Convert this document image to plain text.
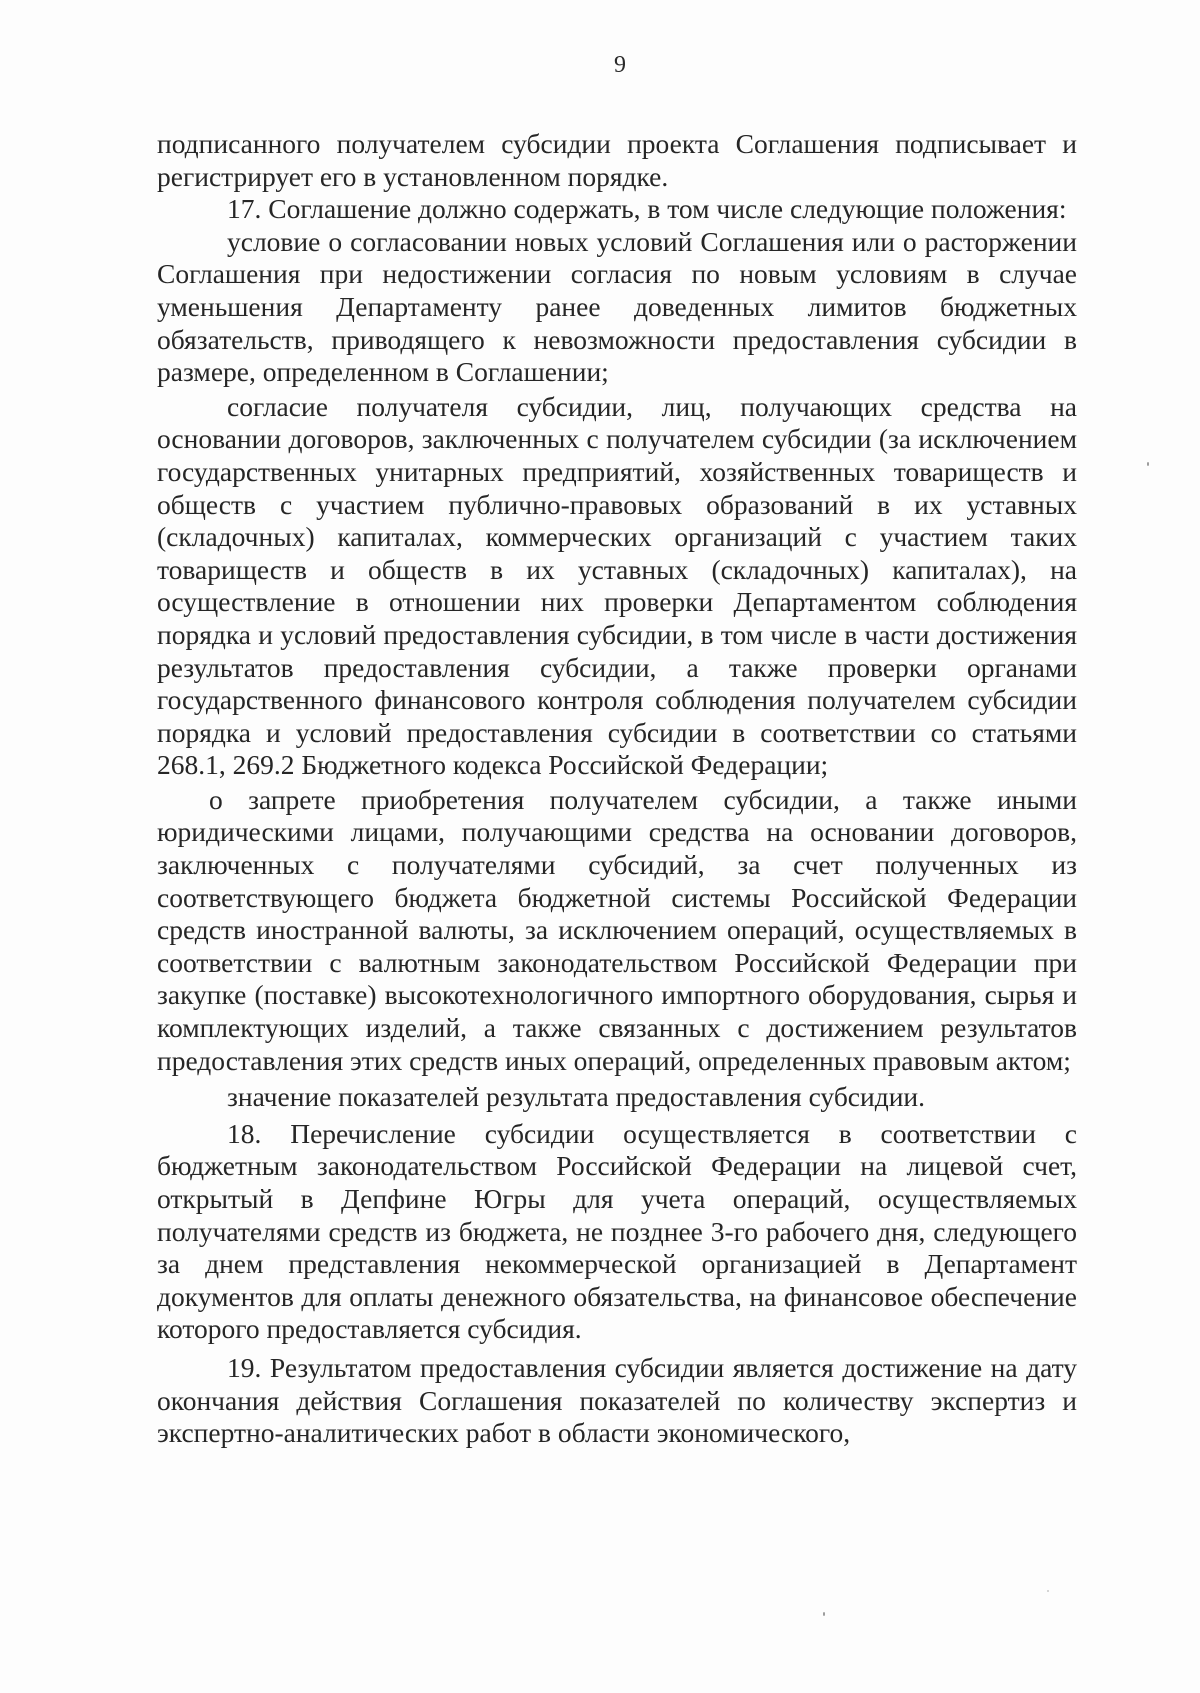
9

подписанного получателем субсидии проекта Соглашения подписывает и регистрирует его в установленном порядке.

17. Соглашение должно содержать, в том числе следующие положения:

условие о согласовании новых условий Соглашения или о расторжении Соглашения при недостижении согласия по новым условиям в случае уменьшения Департаменту ранее доведенных лимитов бюджетных обязательств, приводящего к невозможности предоставления субсидии в размере, определенном в Соглашении;

согласие получателя субсидии, лиц, получающих средства на основании договоров, заключенных с получателем субсидии (за исключением государственных унитарных предприятий, хозяйственных товариществ и обществ с участием публично-правовых образований в их уставных (складочных) капиталах, коммерческих организаций с участием таких товариществ и обществ в их уставных (складочных) капиталах), на осуществление в отношении них проверки Департаментом соблюдения порядка и условий предоставления субсидии, в том числе в части достижения результатов предоставления субсидии, а также проверки органами государственного финансового контроля соблюдения получателем субсидии порядка и условий предоставления субсидии в соответствии со статьями 268.1, 269.2 Бюджетного кодекса Российской Федерации;

о запрете приобретения получателем субсидии, а также иными юридическими лицами, получающими средства на основании договоров, заключенных с получателями субсидий, за счет полученных из соответствующего бюджета бюджетной системы Российской Федерации средств иностранной валюты, за исключением операций, осуществляемых в соответствии с валютным законодательством Российской Федерации при закупке (поставке) высокотехнологичного импортного оборудования, сырья и комплектующих изделий, а также связанных с достижением результатов предоставления этих средств иных операций, определенных правовым актом;

значение показателей результата предоставления субсидии.

18. Перечисление субсидии осуществляется в соответствии с бюджетным законодательством Российской Федерации на лицевой счет, открытый в Депфине Югры для учета операций, осуществляемых получателями средств из бюджета, не позднее 3-го рабочего дня, следующего за днем представления некоммерческой организацией в Департамент документов для оплаты денежного обязательства, на финансовое обеспечение которого предоставляется субсидия.

19. Результатом предоставления субсидии является достижение на дату окончания действия Соглашения показателей по количеству экспертиз и экспертно-аналитических работ в области экономического,
